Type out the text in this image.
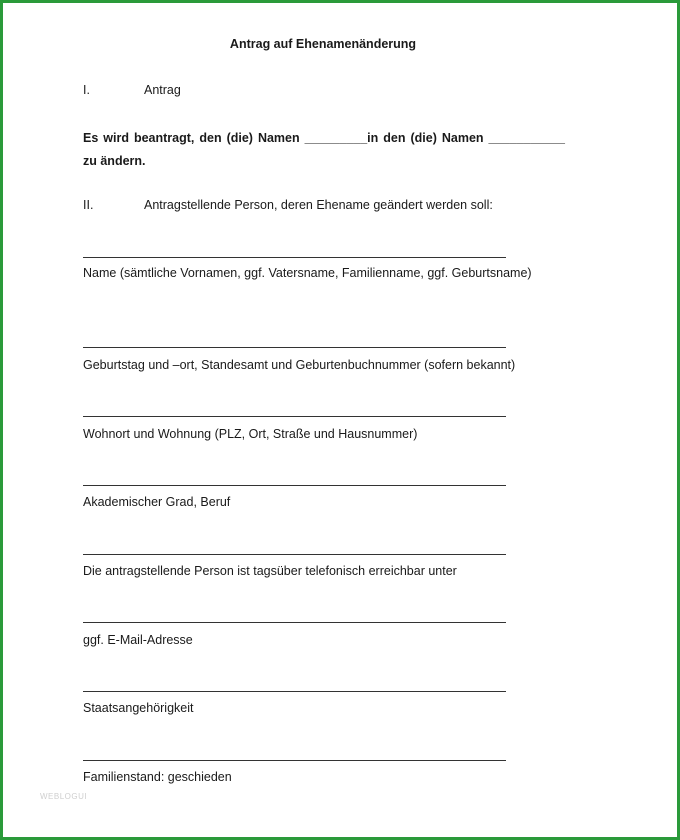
Antrag auf Ehenamenänderung
I.	Antrag
Es wird beantragt, den (die) Namen _________in den (die) Namen ___________ zu ändern.
II.	Antragstellende Person, deren Ehename geändert werden soll:
Name (sämtliche Vornamen, ggf. Vatersname, Familienname, ggf. Geburtsname)
Geburtstag und –ort, Standesamt und Geburtenbuchnummer (sofern bekannt)
Wohnort und Wohnung (PLZ, Ort, Straße und Hausnummer)
Akademischer Grad, Beruf
Die antragstellende Person ist tagsüber telefonisch erreichbar unter
ggf. E-Mail-Adresse
Staatsangehörigkeit
Familienstand: geschieden
WEBLOGUI
